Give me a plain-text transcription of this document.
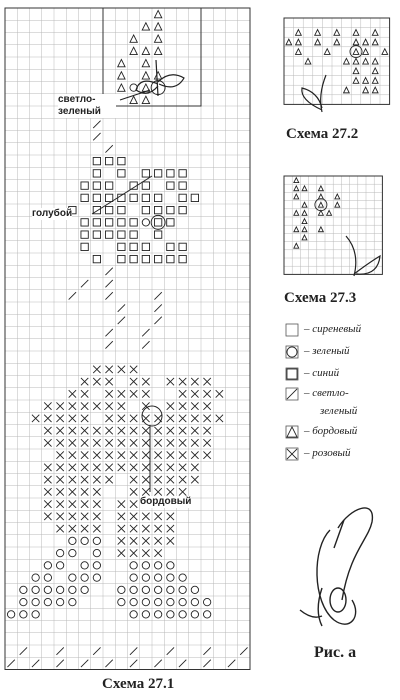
светло-
зеленый
голубой
бордовый
Схема 27.1
Схема 27.2
Схема 27.3
Рис. а
– сиреневый
– зеленый
– синий
– светло-
зеленый
– бордовый
– розовый
